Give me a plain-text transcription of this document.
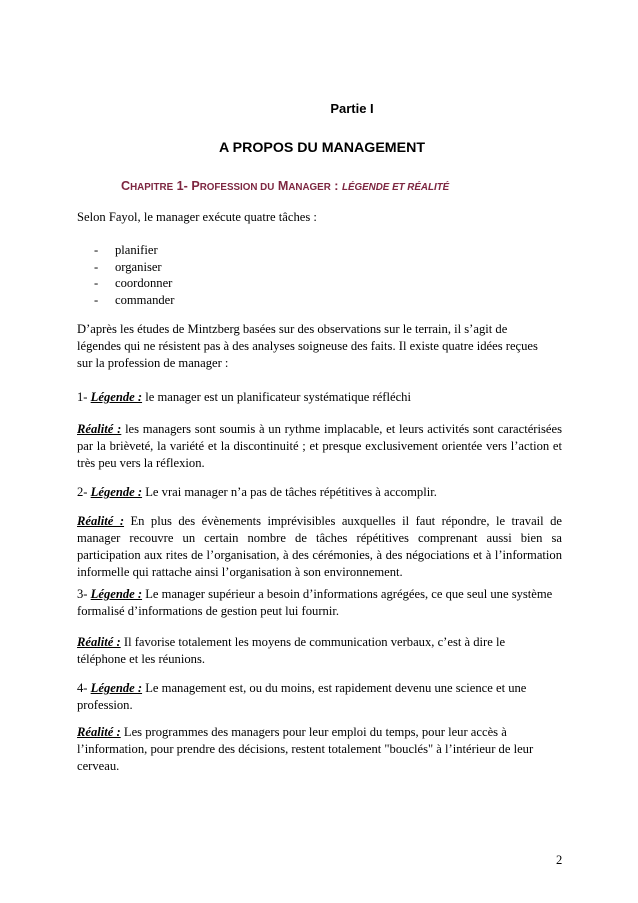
Partie I
A PROPOS DU MANAGEMENT
CHAPITRE 1- PROFESSION DU MANAGER : LÉGENDE ET RÉALITÉ
Selon Fayol, le manager exécute quatre tâches :
- planifier
- organiser
- coordonner
- commander
D’après les études de Mintzberg basées sur des observations sur le terrain, il s’agit de légendes qui ne résistent pas à des analyses soigneuse des faits. Il existe quatre idées reçues sur la profession de manager :
1- Légende : le manager est un planificateur systématique réfléchi
Réalité : les managers sont soumis à un rythme implacable, et leurs activités sont caractérisées par la brièveté, la variété et la discontinuité ; et presque exclusivement orientée vers l’action et très peu vers la réflexion.
2- Légende : Le vrai manager n’a pas de tâches répétitives à accomplir.
Réalité : En plus des évènements imprévisibles auxquelles il faut répondre, le travail de manager recouvre un certain nombre de tâches répétitives comprenant aussi bien sa participation aux rites de l’organisation, à des cérémonies, à des négociations et à l’information informelle qui rattache ainsi l’organisation à son environnement.
3- Légende : Le manager supérieur a besoin d’informations agrégées, ce que seul une système formalisé d’informations de gestion peut lui fournir.
Réalité : Il favorise totalement les moyens de communication verbaux, c’est à dire le téléphone et les réunions.
4- Légende : Le management est, ou du moins, est rapidement devenu une science et une profession.
Réalité : Les programmes des managers pour leur emploi du temps, pour leur accès à l’information, pour prendre des décisions, restent totalement "bouclés" à l’intérieur de leur cerveau.
2
